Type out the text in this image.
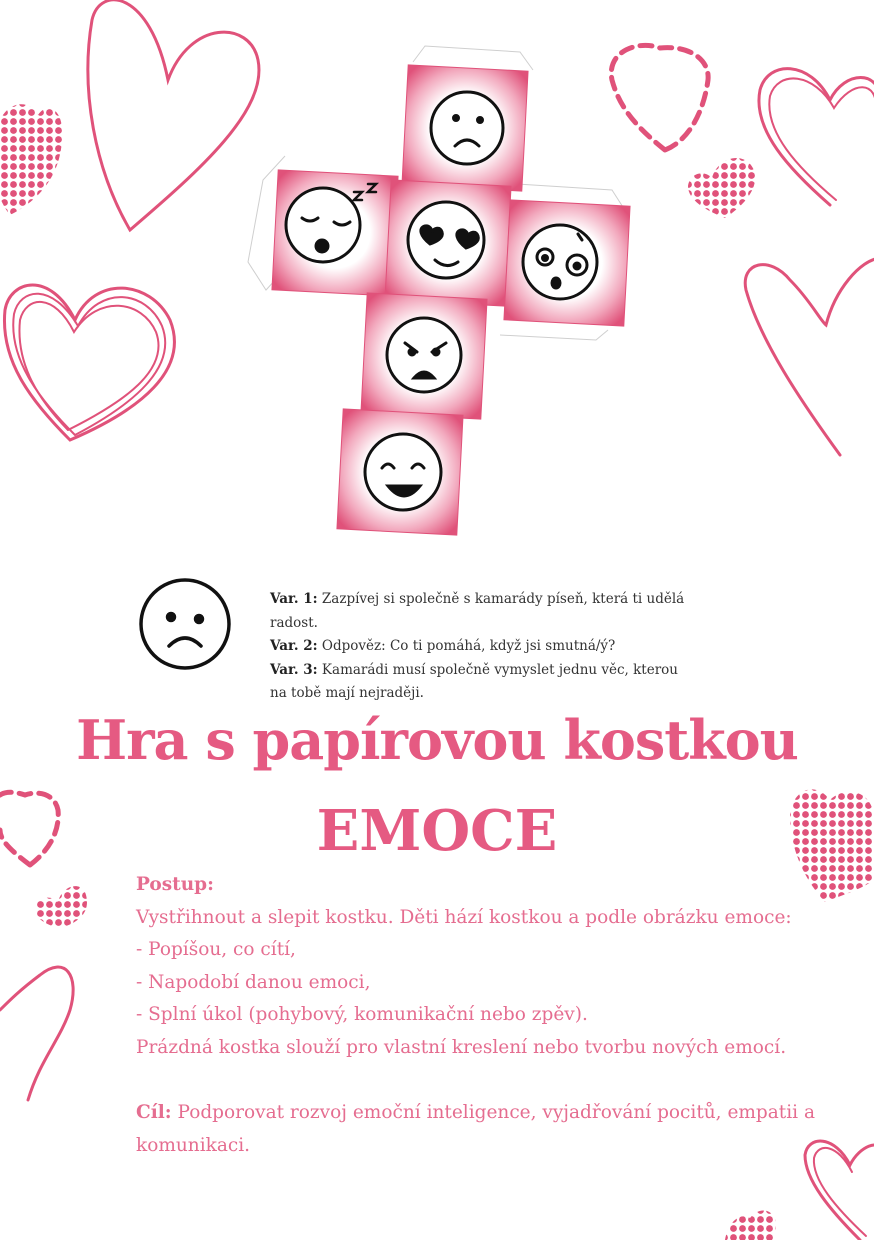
Var. 1: Zazpívej si společně s kamarády píseň, která ti udělá radost.
Var. 2: Odpověz: Co ti pomáhá, když jsi smutná/ý?
Var. 3: Kamarádi musí společně vymyslet jednu věc, kterou na tobě mají nejraději.
Hra s papírovou kostkou
EMOCE
Postup:
Vystřihnout a slepit kostku. Děti hází kostkou a podle obrázku emoce:
- Popíšou, co cítí,
- Napodobí danou emoci,
- Splní úkol (pohybový, komunikační nebo zpěv).
Prázdná kostka slouží pro vlastní kreslení nebo tvorbu nových emocí.
Cíl: Podporovat rozvoj emoční inteligence, vyjadřování pocitů, empatii a komunikaci.
